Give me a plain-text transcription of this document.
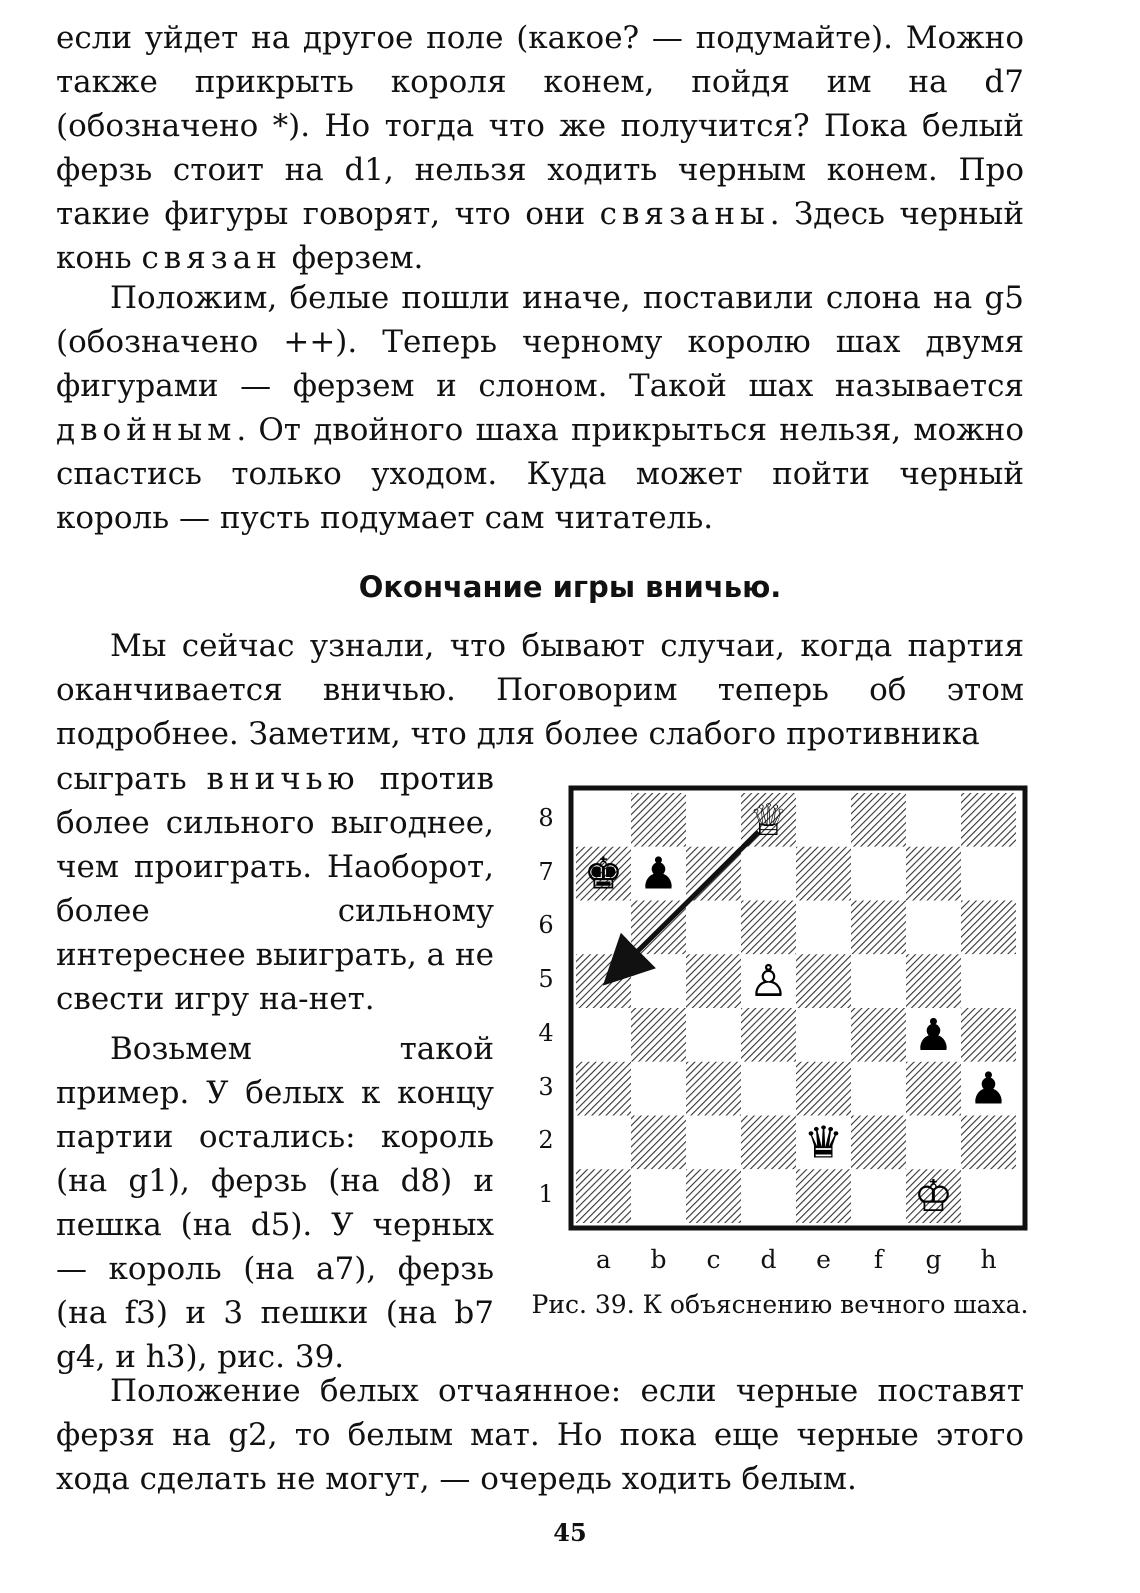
если уйдет на другое поле (какое? — подумайте). Можно также прикрыть короля конем, пойдя им на d7 (обозначено *). Но тогда что же получится? Пока белый ферзь стоит на d1, нельзя ходить черным конем. Про такие фигуры говорят, что они связаны. Здесь черный конь связан ферзем.

Положим, белые пошли иначе, поставили слона на g5 (обозначено ++). Теперь черному королю шах двумя фигурами — ферзем и слоном. Такой шах называется двойным. От двойного шаха прикрыться нельзя, можно спастись только уходом. Куда может пойти черный король — пусть подумает сам читатель.

Окончание игры вничью.

Мы сейчас узнали, что бывают случаи, когда партия оканчивается вничью. Поговорим теперь об этом подробнее. Заметим, что для более слабого противника

сыграть вничью против более сильного выгоднее, чем проиграть. Наоборот, более сильному интереснее выиграть, а не свести игру на-нет.

Возьмем такой пример. У белых к концу партии остались: король (на g1), ферзь (на d8) и пешка (на d5). У черных — король (на a7), ферзь (на f3) и 3 пешки (на b7 g4, и h3), рис. 39.

8
7
6
5
4
3
2
1
a	b	c	d	e	f	g h
♕
♚ ♟
♙
♟
♟
♛
♔

Рис. 39. К объяснению вечного шаха.

Положение белых отчаянное: если черные поставят ферзя на g2, то белым мат. Но пока еще черные этого хода сделать не могут, — очередь ходить белым.

45
